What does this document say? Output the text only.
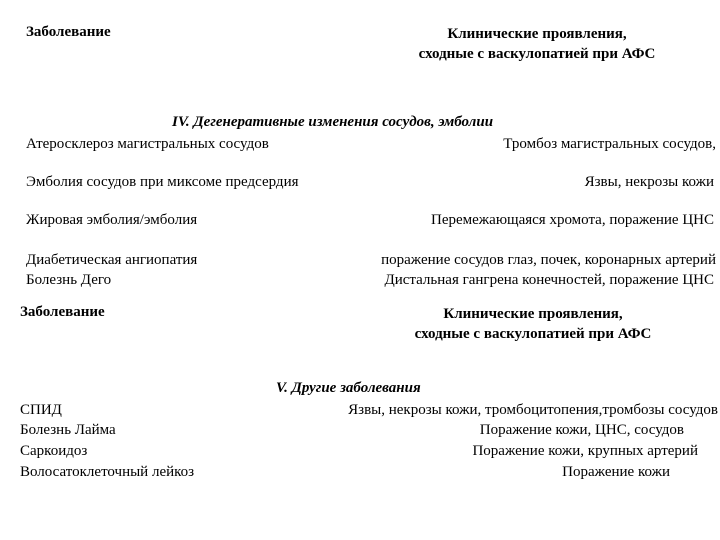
Заболевание	Клинические проявления,
сходные с васкулопатией при АФС
IV. Дегенеративные изменения сосудов, эмболии
Атеросклероз магистральных сосудов	Тромбоз магистральных сосудов,
Эмболия сосудов при миксоме предсердия	Язвы, некрозы кожи
Жировая эмболия/эмболия	Перемежающаяся хромота, поражение ЦНС
Диабетическая ангиопатия	поражение сосудов глаз, почек, коронарных артерий
Болезнь Дего	Дистальная гангрена конечностей, поражение ЦНС
Заболевание	Клинические проявления,
сходные с васкулопатией при АФС
V. Другие заболевания
СПИД	Язвы, некрозы кожи, тромбоцитопения,тромбозы сосудов
Болезнь Лайма	Поражение кожи, ЦНС, сосудов
Саркоидоз	Поражение кожи, крупных артерий
Волосатоклеточный лейкоз	Поражение кожи
